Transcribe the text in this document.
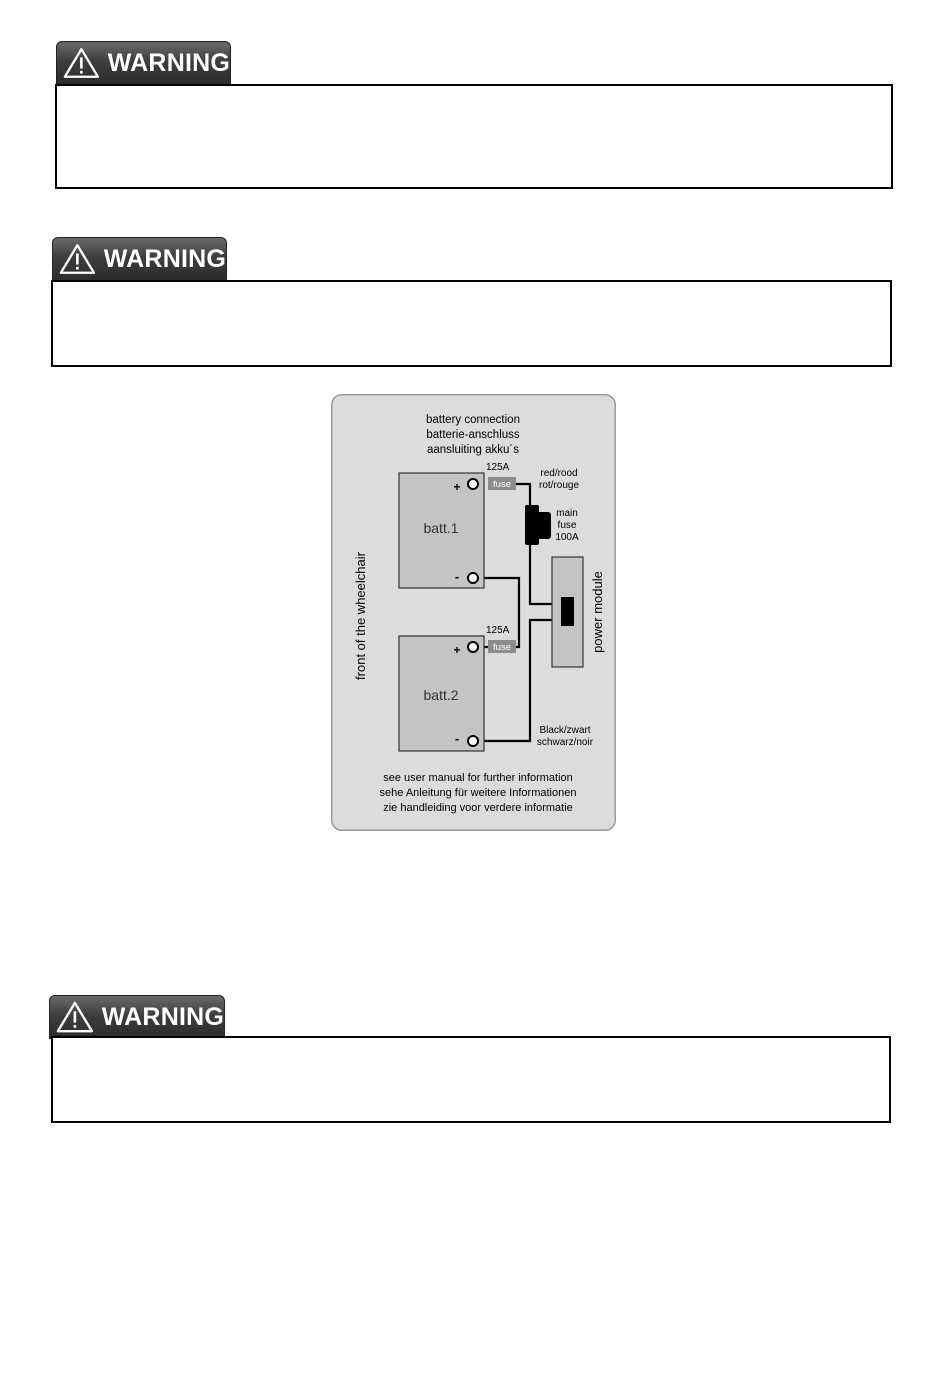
WARNING
WARNING
battery connection
batterie-anschluss
aansluiting akku´s
front of the wheelchair
batt.1
+
-
batt.2
+
-
125A
fuse
125A
fuse
red/rood
rot/rouge
main
fuse
100A
power module
Black/zwart
schwarz/noir
see user manual for further information
sehe Anleitung für weitere Informationen
zie handleiding voor verdere informatie
WARNING
